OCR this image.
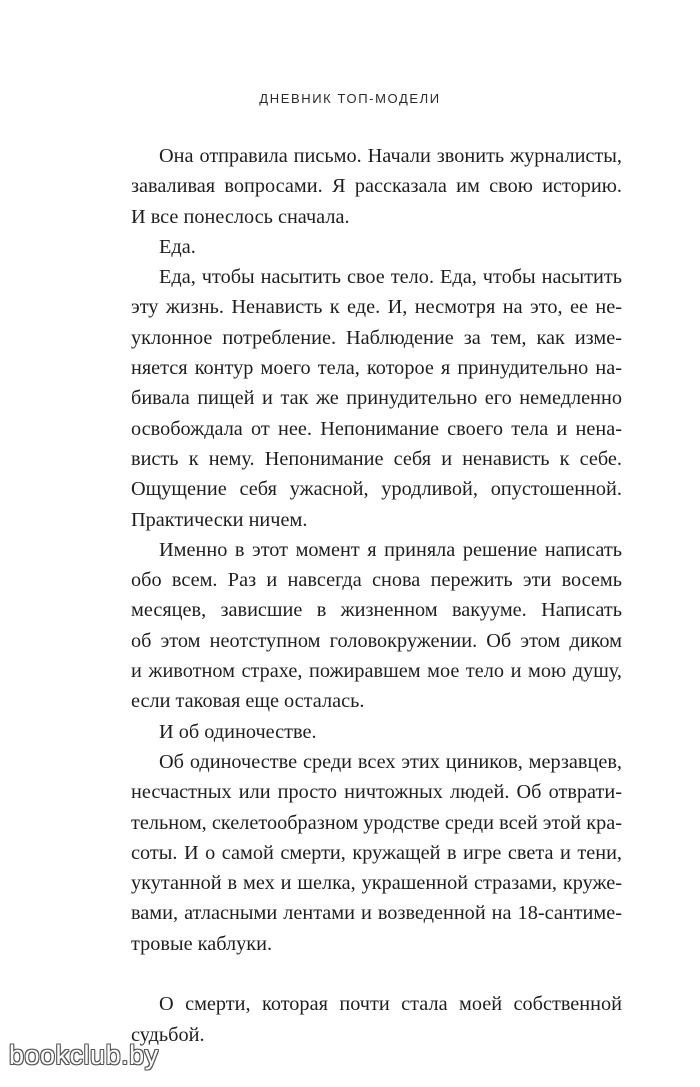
ДНЕВНИК ТОП-МОДЕЛИ
Она отправила письмо. Начали звонить журналисты,
заваливая вопросами. Я рассказала им свою историю.
И все понеслось сначала.
Еда.
Еда, чтобы насытить свое тело. Еда, чтобы насытить
эту жизнь. Ненависть к еде. И, несмотря на это, ее не-
уклонное потребление. Наблюдение за тем, как изме-
няется контур моего тела, которое я принудительно на-
бивала пищей и так же принудительно его немедленно
освобождала от нее. Непонимание своего тела и нена-
висть к нему. Непонимание себя и ненависть к себе.
Ощущение себя ужасной, уродливой, опустошенной.
Практически ничем.
Именно в этот момент я приняла решение написать
обо всем. Раз и навсегда снова пережить эти восемь
месяцев, зависшие в жизненном вакууме. Написать
об этом неотступном головокружении. Об этом диком
и животном страхе, пожиравшем мое тело и мою душу,
если таковая еще осталась.
И об одиночестве.
Об одиночестве среди всех этих циников, мерзавцев,
несчастных или просто ничтожных людей. Об отврати-
тельном, скелетообразном уродстве среди всей этой кра-
соты. И о самой смерти, кружащей в игре света и тени,
укутанной в мех и шелка, украшенной стразами, круже-
вами, атласными лентами и возведенной на 18-сантиме-
тровые каблуки.
О смерти, которая почти стала моей собственной
судьбой.
bookclub.by
